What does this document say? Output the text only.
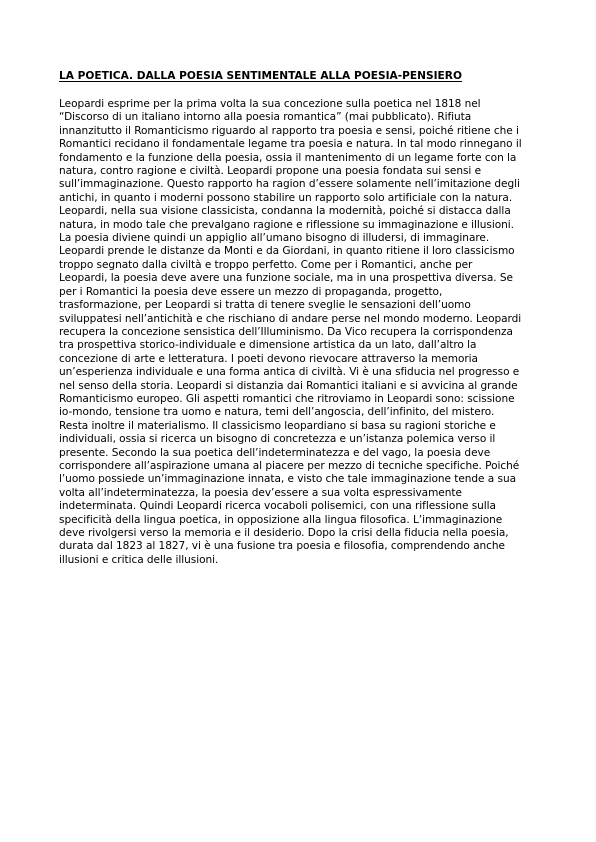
LA POETICA. DALLA POESIA SENTIMENTALE ALLA POESIA-PENSIERO
Leopardi esprime per la prima volta la sua concezione sulla poetica nel 1818 nel
“Discorso di un italiano intorno alla poesia romantica” (mai pubblicato). Rifiuta
innanzitutto il Romanticismo riguardo al rapporto tra poesia e sensi, poiché ritiene che i
Romantici recidano il fondamentale legame tra poesia e natura. In tal modo rinnegano il
fondamento e la funzione della poesia, ossia il mantenimento di un legame forte con la
natura, contro ragione e civiltà. Leopardi propone una poesia fondata sui sensi e
sull’immaginazione. Questo rapporto ha ragion d’essere solamente nell’imitazione degli
antichi, in quanto i moderni possono stabilire un rapporto solo artificiale con la natura.
Leopardi, nella sua visione classicista, condanna la modernità, poiché si distacca dalla
natura, in modo tale che prevalgano ragione e riflessione su immaginazione e illusioni.
La poesia diviene quindi un appiglio all’umano bisogno di illudersi, di immaginare.
Leopardi prende le distanze da Monti e da Giordani, in quanto ritiene il loro classicismo
troppo segnato dalla civiltà e troppo perfetto. Come per i Romantici, anche per
Leopardi, la poesia deve avere una funzione sociale, ma in una prospettiva diversa. Se
per i Romantici la poesia deve essere un mezzo di propaganda, progetto,
trasformazione, per Leopardi si tratta di tenere sveglie le sensazioni dell’uomo
sviluppatesi nell’antichità e che rischiano di andare perse nel mondo moderno. Leopardi
recupera la concezione sensistica dell’Illuminismo. Da Vico recupera la corrispondenza
tra prospettiva storico-individuale e dimensione artistica da un lato, dall’altro la
concezione di arte e letteratura. I poeti devono rievocare attraverso la memoria
un’esperienza individuale e una forma antica di civiltà. Vi è una sfiducia nel progresso e
nel senso della storia. Leopardi si distanzia dai Romantici italiani e si avvicina al grande
Romanticismo europeo. Gli aspetti romantici che ritroviamo in Leopardi sono: scissione
io-mondo, tensione tra uomo e natura, temi dell’angoscia, dell’infinito, del mistero.
Resta inoltre il materialismo. Il classicismo leopardiano si basa su ragioni storiche e
individuali, ossia si ricerca un bisogno di concretezza e un’istanza polemica verso il
presente. Secondo la sua poetica dell’indeterminatezza e del vago, la poesia deve
corrispondere all’aspirazione umana al piacere per mezzo di tecniche specifiche. Poiché
l’uomo possiede un’immaginazione innata, e visto che tale immaginazione tende a sua
volta all’indeterminatezza, la poesia dev’essere a sua volta espressivamente
indeterminata. Quindi Leopardi ricerca vocaboli polisemici, con una riflessione sulla
specificità della lingua poetica, in opposizione alla lingua filosofica. L’immaginazione
deve rivolgersi verso la memoria e il desiderio. Dopo la crisi della fiducia nella poesia,
durata dal 1823 al 1827, vi è una fusione tra poesia e filosofia, comprendendo anche
illusioni e critica delle illusioni.
